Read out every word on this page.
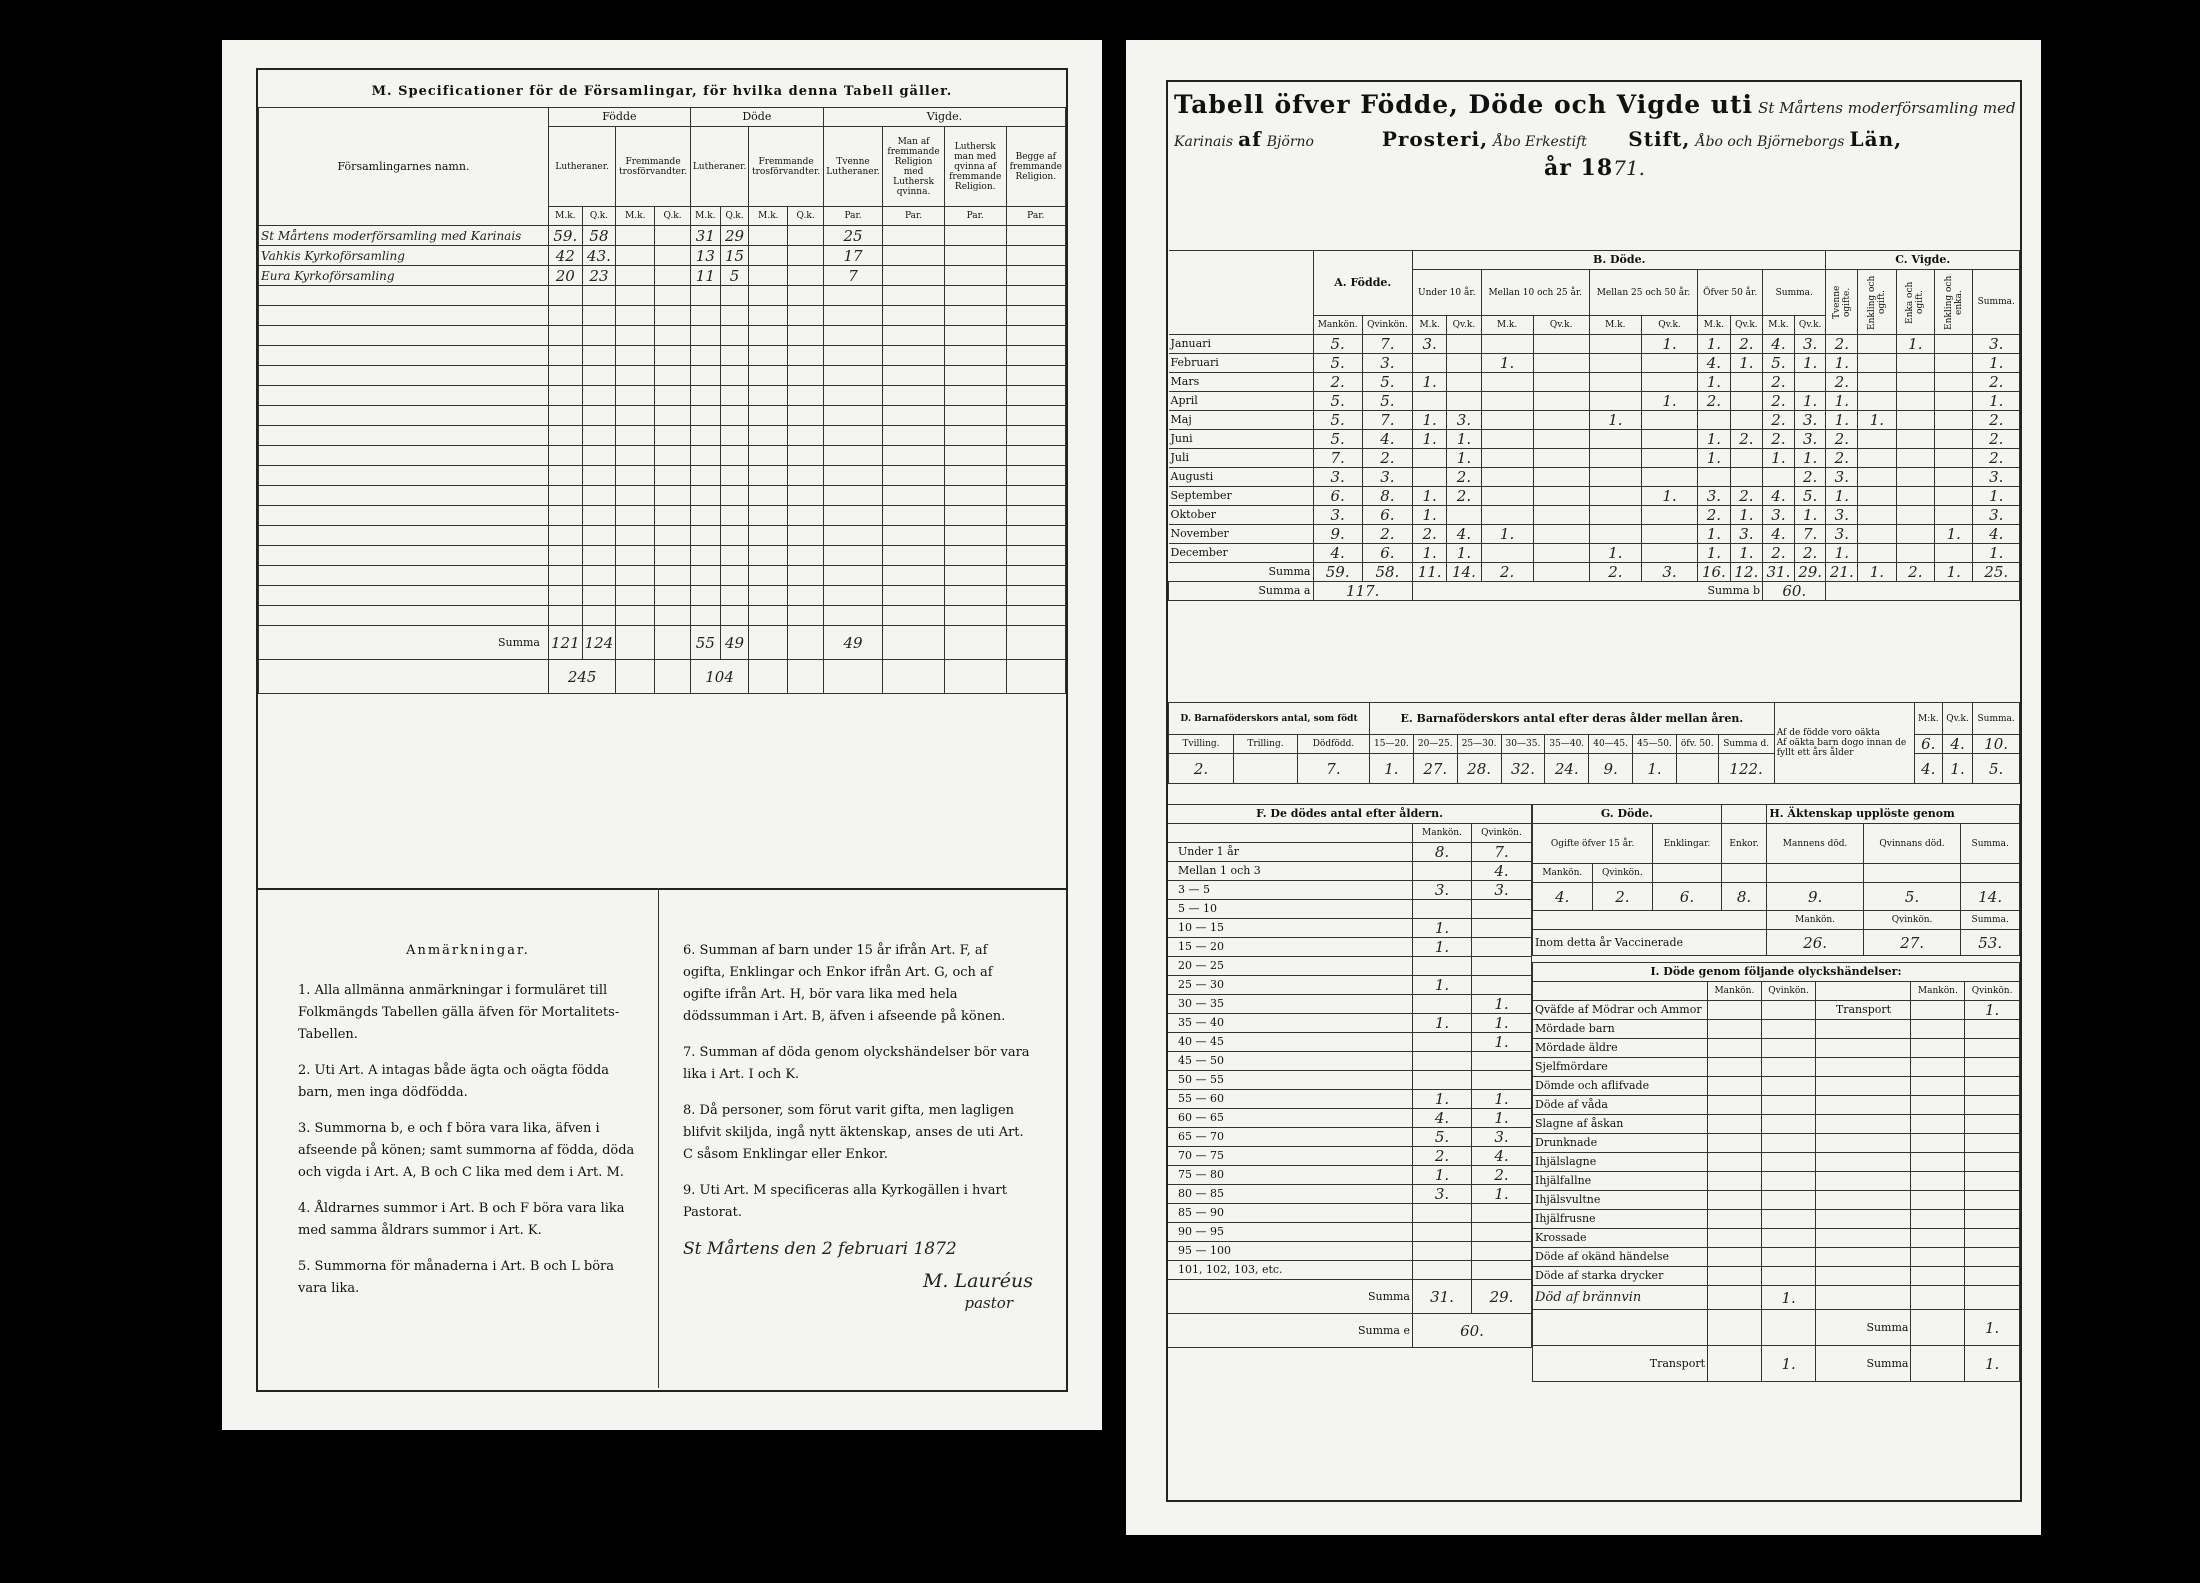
M. Specificationer för de Församlingar, för hvilka denna Tabell gäller.
Församlingarnes namn.	Födde				Döde				Vigde.			
	Lutheraner.		Fremmande trosförvandter.		Lutheraner.		Fremmande trosförvandter.		Tvenne Lutheraner.	Man af fremmande Religion med Luthersk qvinna.	Luthersk man med qvinna af fremmande Religion.	Begge af fremmande Religion.
	M.k.	Q.k.	M.k.	Q.k.	M.k.	Q.k.	M.k.	Q.k.	Par.	Par.	Par.	Par.
St Mårtens moderförsamling med Karinais	59.	58			31	29			25			
Vahkis Kyrkoförsamling	42	43.			13	15			17			
Eura Kyrkoförsamling	20	23			11	5			7			

Summa	121	124			55	49			49			
	245				104							
Anmärkningar.

1. Alla allmänna anmärkningar i formuläret till Folkmängds Tabellen gälla äfven för Mortalitets-Tabellen.

2. Uti Art. A intagas både ägta och oägta födda barn, men inga dödfödda.

3. Summorna b, e och f böra vara lika, äfven i afseende på könen; samt summorna af födda, döda och vigda i Art. A, B och C lika med dem i Art. M.

4. Åldrarnes summor i Art. B och F böra vara lika med samma åldrars summor i Art. K.

5. Summorna för månaderna i Art. B och L böra vara lika.

6. Summan af barn under 15 år ifrån Art. F, af ogifta, Enklingar och Enkor ifrån Art. G, och af ogifte ifrån Art. H, bör vara lika med hela dödssumman i Art. B, äfven i afseende på könen.

7. Summan af döda genom olyckshändelser bör vara lika i Art. I och K.

8. Då personer, som förut varit gifta, men lagligen blifvit skiljda, ingå nytt äktenskap, anses de uti Art. C såsom Enklingar eller Enkor.

9. Uti Art. M specificeras alla Kyrkogällen i hvart Pastorat.

St Mårtens den 2 februari 1872
M. Lauréus
pastor
Tabell öfver Födde, Döde och Vigde uti St Mårtens moderförsamling med
Karinais af Björno	Prosteri, Åbo Erkestift Stift, Åbo och Björneborgs Län,
år 1871.
	A. Födde.		B. Döde.										C. Vigde.				
			Under 10 år.		Mellan 10 och 25 år.		Mellan 25 och 50 år.		Öfver 50 år.		Summa.		Tvenne ogifte.	Enkling och ogift.	Enka och ogift.	Enkling och enka.	Summa.
	Mankön.	Qvinkön.	M.k.	Qv.k.	M.k.	Qv.k.	M.k.	Qv.k.	M.k.	Qv.k.	M.k.	Qv.k.					
Januari	5.	7.	3.					1.	1.	2.	4.	3.	2.		1.		3.
Februari	5.	3.			1.				4.	1.	5.	1.	1.				1.
Mars	2.	5.	1.						1.		2.		2.				2.
April	5.	5.						1.	2.		2.	1.	1.				1.
Maj	5.	7.	1.	3.			1.				2.	3.	1.	1.			2.
Juni	5.	4.	1.	1.					1.	2.	2.	3.	2.				2.
Juli	7.	2.		1.					1.		1.	1.	2.				2.
Augusti	3.	3.		2.								2.	3.				3.
September	6.	8.	1.	2.				1.	3.	2.	4.	5.	1.				1.
Oktober	3.	6.	1.						2.	1.	3.	1.	3.				3.
November	9.	2.	2.	4.	1.				1.	3.	4.	7.	3.			1.	4.
December	4.	6.	1.	1.			1.		1.	1.	2.	2.	1.				1.
Summa	59.	58.	11.	14.	2.		2.	3.	16.	12.	31.	29.	21.	1.	2.	1.	25.
Summa a	117.		Summa b								60.						
D. Barnaföderskors antal, som födt			E. Barnaföderskors antal efter deras ålder mellan åren.									Af de födde voro oäkta
Af oäkta barn dogo innan de fyllt ett års ålder	M:k.	Qv.k.	Summa.
Tvilling.	Trilling.	Dödfödd.	15—20.	20—25.	25—30.	30—35.	35—40.	40—45.	45—50.	öfv. 50.	Summa d.		6.	4.	10.
2.		7.	1.	27.	28.	32.	24.	9.	1.		122.		4.	1.	5.
F. De dödes antal efter åldern.		
	Mankön.	Qvinkön.
Under 1 år	8.	7.
Mellan 1 och 3		4.
3 — 5	3.	3.
5 — 10		
10 — 15	1.	
15 — 20	1.	
20 — 25		
25 — 30	1.	
30 — 35		1.
35 — 40	1.	1.
40 — 45		1.
45 — 50		
50 — 55		
55 — 60	1.	1.
60 — 65	4.	1.
65 — 70	5.	3.
70 — 75	2.	4.
75 — 80	1.	2.
80 — 85	3.	1.
85 — 90		
90 — 95		
95 — 100		
101, 102, 103, etc.		
Summa	31.	29.
Summa e	60.	
G. Döde.				H. Äktenskap upplöste genom		
Ogifte öfver 15 år.		Enklingar.	Enkor.	Mannens död.	Qvinnans död.	Summa.
Mankön.	Qvinkön.					
4.	2.	6.	8.	9.	5.	14.
				Mankön.	Qvinkön.	Summa.
Inom detta år Vaccinerade				26.	27.	53.
I. Döde genom följande olyckshändelser:					
	Mankön.	Qvinkön.		Mankön.	Qvinkön.
Qväfde af Mödrar och Ammor			Transport		1.
Mördade barn					
Mördade äldre					
Sjelfmördare					
Dömde och aflifvade					
Döde af våda					
Slagne af åskan					
Drunknade					
Ihjälslagne					
Ihjälfallne					
Ihjälsvultne					
Ihjälfrusne					
Krossade					
Döde af okänd händelse					
Döde af starka drycker					
Död af brännvin		1.			
			Summa		1.
Transport		1.	Summa		1.
